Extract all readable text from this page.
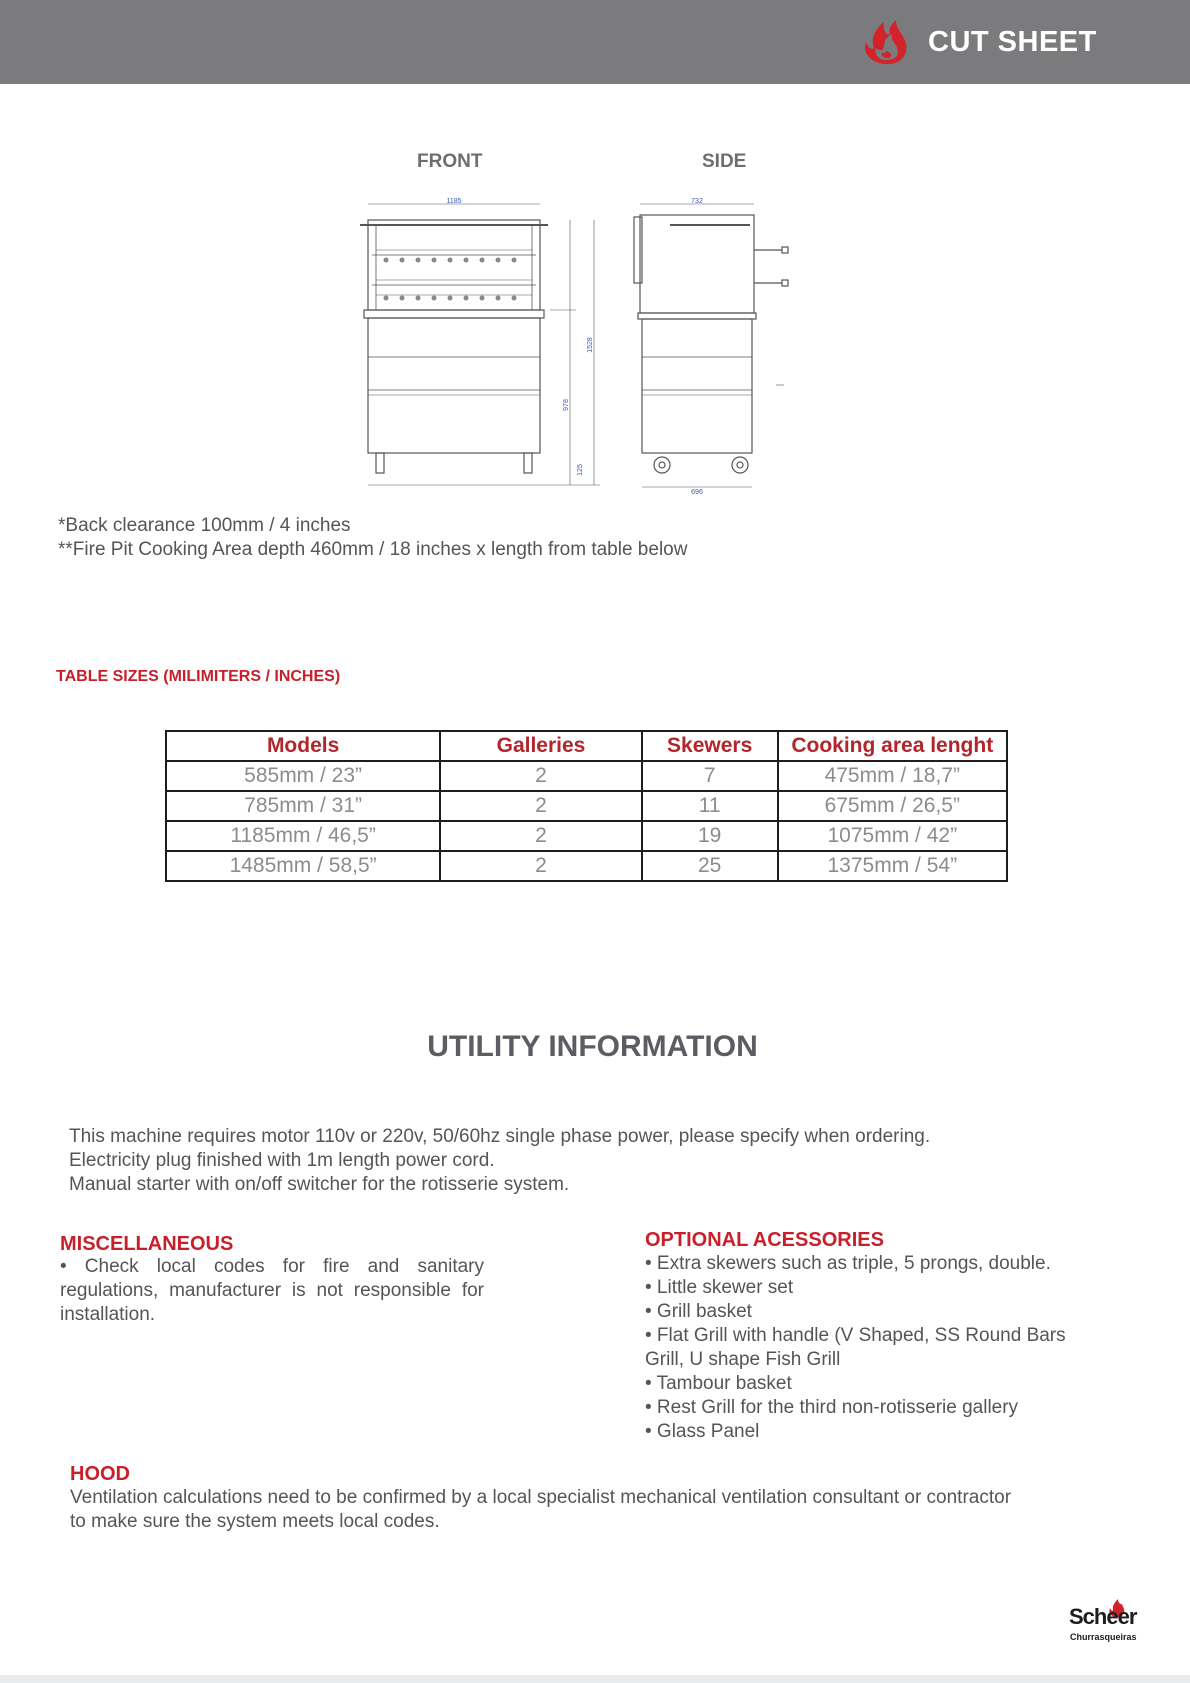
CUT SHEET
FRONT	SIDE
1185
1528
978
125
732
696
*Back clearance 100mm / 4 inches
**Fire Pit Cooking Area depth 460mm / 18 inches x length from table below
TABLE SIZES (MILIMITERS / INCHES)
Models	Galleries	Skewers	Cooking area lenght
585mm / 23”	2	7	475mm / 18,7”
785mm / 31”	2	11	675mm / 26,5”
1185mm / 46,5”	2	19	1075mm / 42”
1485mm / 58,5”	2	25	1375mm / 54”
UTILITY INFORMATION
This machine requires motor 110v or 220v, 50/60hz single phase power, please specify when ordering.
Electricity plug finished with 1m length power cord.
Manual starter with on/off switcher for the rotisserie system.
MISCELLANEOUS
• Check local codes for fire and sanitary regulations, manufacturer is not responsible for installation.
OPTIONAL ACESSORIES
• Extra skewers such as triple, 5 prongs, double.
• Little skewer set
• Grill basket
• Flat Grill with handle (V Shaped, SS Round Bars
Grill, U shape Fish Grill
• Tambour basket
• Rest Grill for the third non-rotisserie gallery
• Glass Panel
HOOD
Ventilation calculations need to be confirmed by a local specialist mechanical ventilation consultant or contractor
to make sure the system meets local codes.
Scheer
Churrasqueiras
